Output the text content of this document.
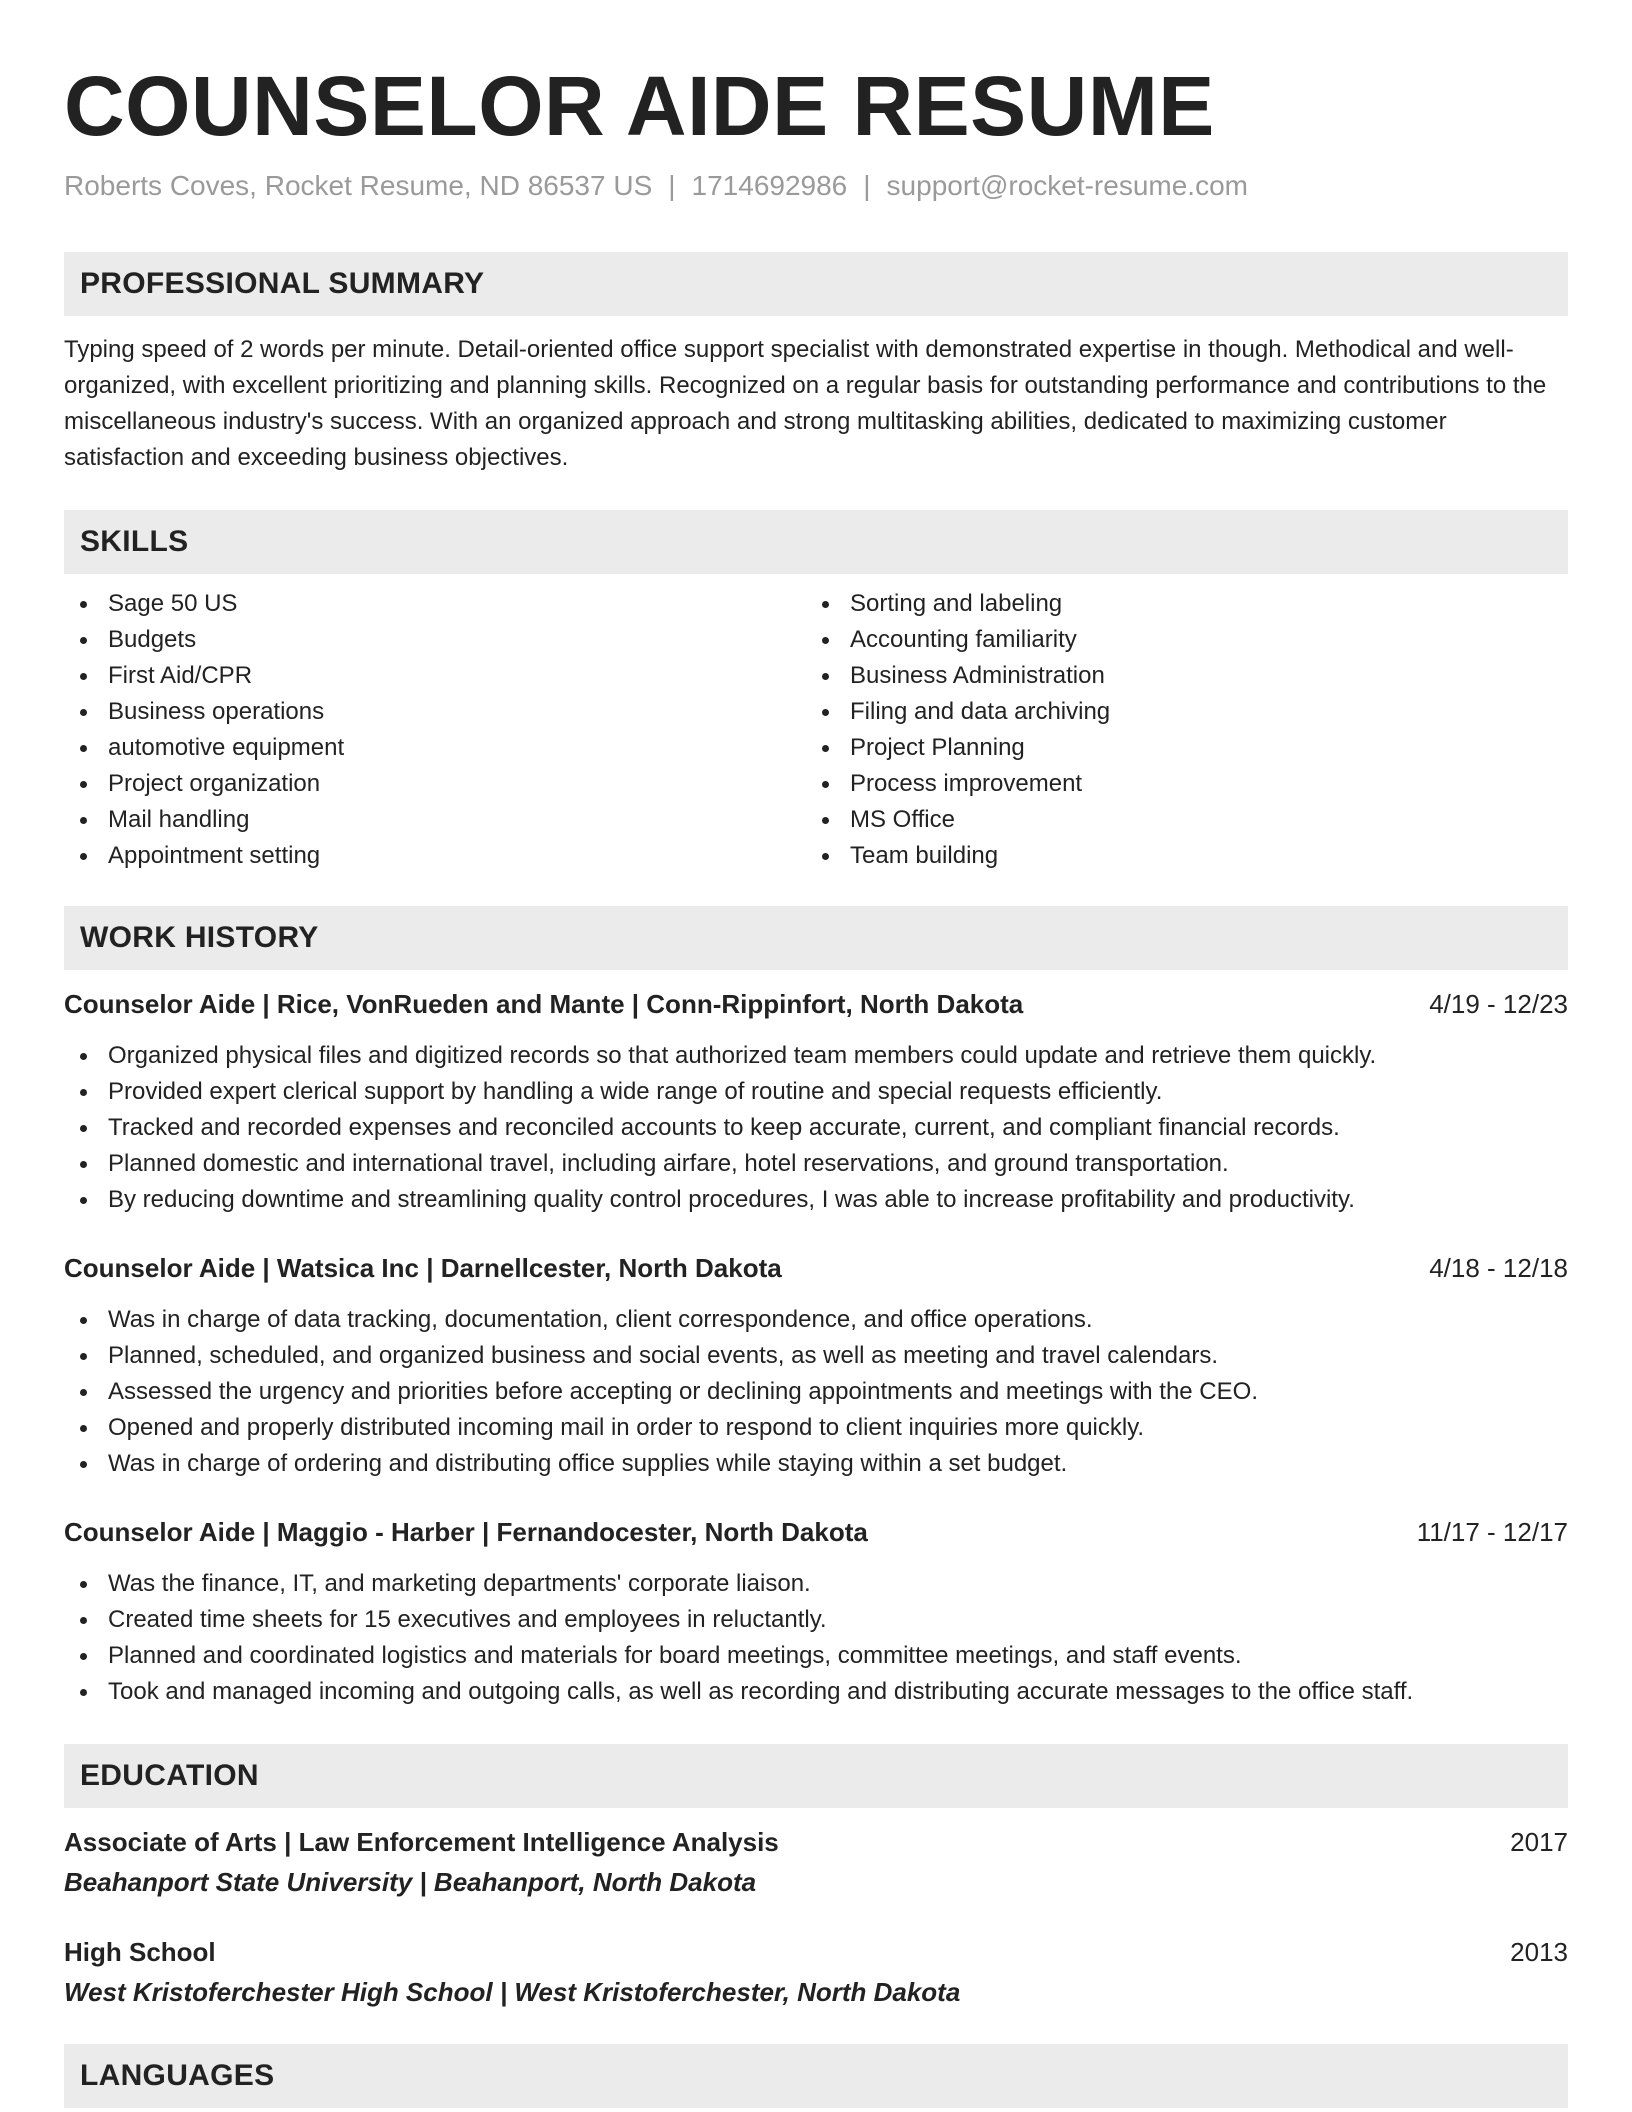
COUNSELOR AIDE RESUME
Roberts Coves, Rocket Resume, ND 86537 US | 1714692986 | support@rocket-resume.com
PROFESSIONAL SUMMARY

Typing speed of 2 words per minute. Detail-oriented office support specialist with demonstrated expertise in though. Methodical and well-organized, with excellent prioritizing and planning skills. Recognized on a regular basis for outstanding performance and contributions to the miscellaneous industry's success. With an organized approach and strong multitasking abilities, dedicated to maximizing customer satisfaction and exceeding business objectives.

SKILLS
Sage 50 US
Budgets
First Aid/CPR
Business operations
automotive equipment
Project organization
Mail handling
Appointment setting
Sorting and labeling
Accounting familiarity
Business Administration
Filing and data archiving
Project Planning
Process improvement
MS Office
Team building
WORK HISTORY
Counselor Aide | Rice, VonRueden and Mante | Conn-Rippinfort, North Dakota	4/19 - 12/23
Organized physical files and digitized records so that authorized team members could update and retrieve them quickly.
Provided expert clerical support by handling a wide range of routine and special requests efficiently.
Tracked and recorded expenses and reconciled accounts to keep accurate, current, and compliant financial records.
Planned domestic and international travel, including airfare, hotel reservations, and ground transportation.
By reducing downtime and streamlining quality control procedures, I was able to increase profitability and productivity.
Counselor Aide | Watsica Inc | Darnellcester, North Dakota	4/18 - 12/18
Was in charge of data tracking, documentation, client correspondence, and office operations.
Planned, scheduled, and organized business and social events, as well as meeting and travel calendars.
Assessed the urgency and priorities before accepting or declining appointments and meetings with the CEO.
Opened and properly distributed incoming mail in order to respond to client inquiries more quickly.
Was in charge of ordering and distributing office supplies while staying within a set budget.
Counselor Aide | Maggio - Harber | Fernandocester, North Dakota	11/17 - 12/17
Was the finance, IT, and marketing departments' corporate liaison.
Created time sheets for 15 executives and employees in reluctantly.
Planned and coordinated logistics and materials for board meetings, committee meetings, and staff events.
Took and managed incoming and outgoing calls, as well as recording and distributing accurate messages to the office staff.
EDUCATION
Associate of Arts | Law Enforcement Intelligence Analysis	2017
Beahanport State University | Beahanport, North Dakota
High School	2013
West Kristoferchester High School | West Kristoferchester, North Dakota
LANGUAGES
